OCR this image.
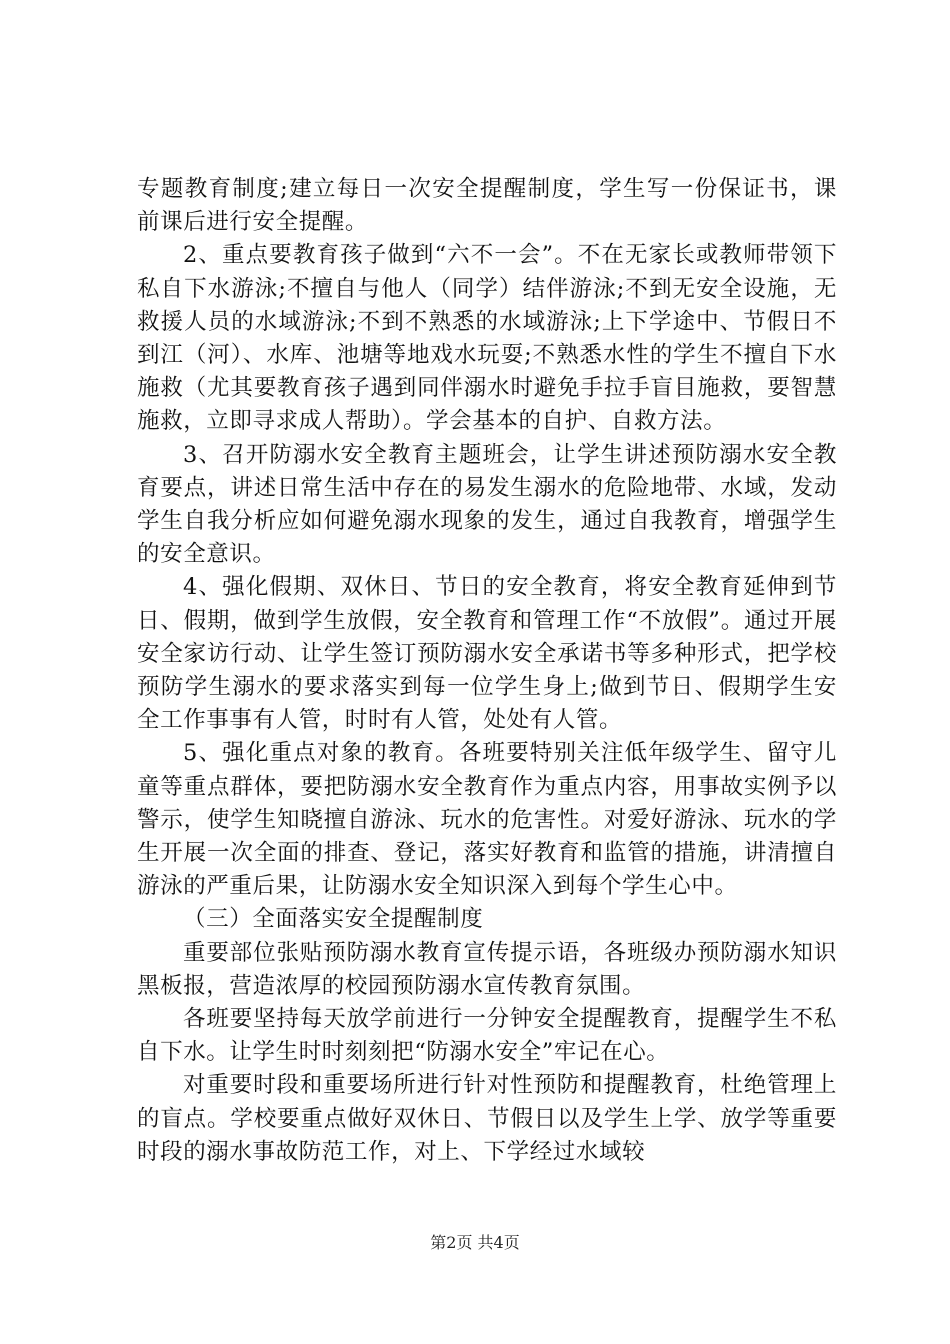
专题教育制度;建立每日一次安全提醒制度，学生写一份保证书，课前课后进行安全提醒。

2、重点要教育孩子做到“六不一会”。不在无家长或教师带领下私自下水游泳;不擅自与他人（同学）结伴游泳;不到无安全设施，无救援人员的水域游泳;不到不熟悉的水域游泳;上下学途中、节假日不到江（河）、水库、池塘等地戏水玩耍;不熟悉水性的学生不擅自下水施救（尤其要教育孩子遇到同伴溺水时避免手拉手盲目施救，要智慧施救，立即寻求成人帮助）。学会基本的自护、自救方法。

3、召开防溺水安全教育主题班会，让学生讲述预防溺水安全教育要点，讲述日常生活中存在的易发生溺水的危险地带、水域，发动学生自我分析应如何避免溺水现象的发生，通过自我教育，增强学生的安全意识。

4、强化假期、双休日、节日的安全教育，将安全教育延伸到节日、假期，做到学生放假，安全教育和管理工作“不放假”。通过开展安全家访行动、让学生签订预防溺水安全承诺书等多种形式，把学校预防学生溺水的要求落实到每一位学生身上;做到节日、假期学生安全工作事事有人管，时时有人管，处处有人管。

5、强化重点对象的教育。各班要特别关注低年级学生、留守儿童等重点群体，要把防溺水安全教育作为重点内容，用事故实例予以警示，使学生知晓擅自游泳、玩水的危害性。对爱好游泳、玩水的学生开展一次全面的排查、登记，落实好教育和监管的措施，讲清擅自游泳的严重后果，让防溺水安全知识深入到每个学生心中。

（三）全面落实安全提醒制度

重要部位张贴预防溺水教育宣传提示语，各班级办预防溺水知识黑板报，营造浓厚的校园预防溺水宣传教育氛围。

各班要坚持每天放学前进行一分钟安全提醒教育，提醒学生不私自下水。让学生时时刻刻把“防溺水安全”牢记在心。

对重要时段和重要场所进行针对性预防和提醒教育，杜绝管理上的盲点。学校要重点做好双休日、节假日以及学生上学、放学等重要时段的溺水事故防范工作，对上、下学经过水域较

第2页 共4页
